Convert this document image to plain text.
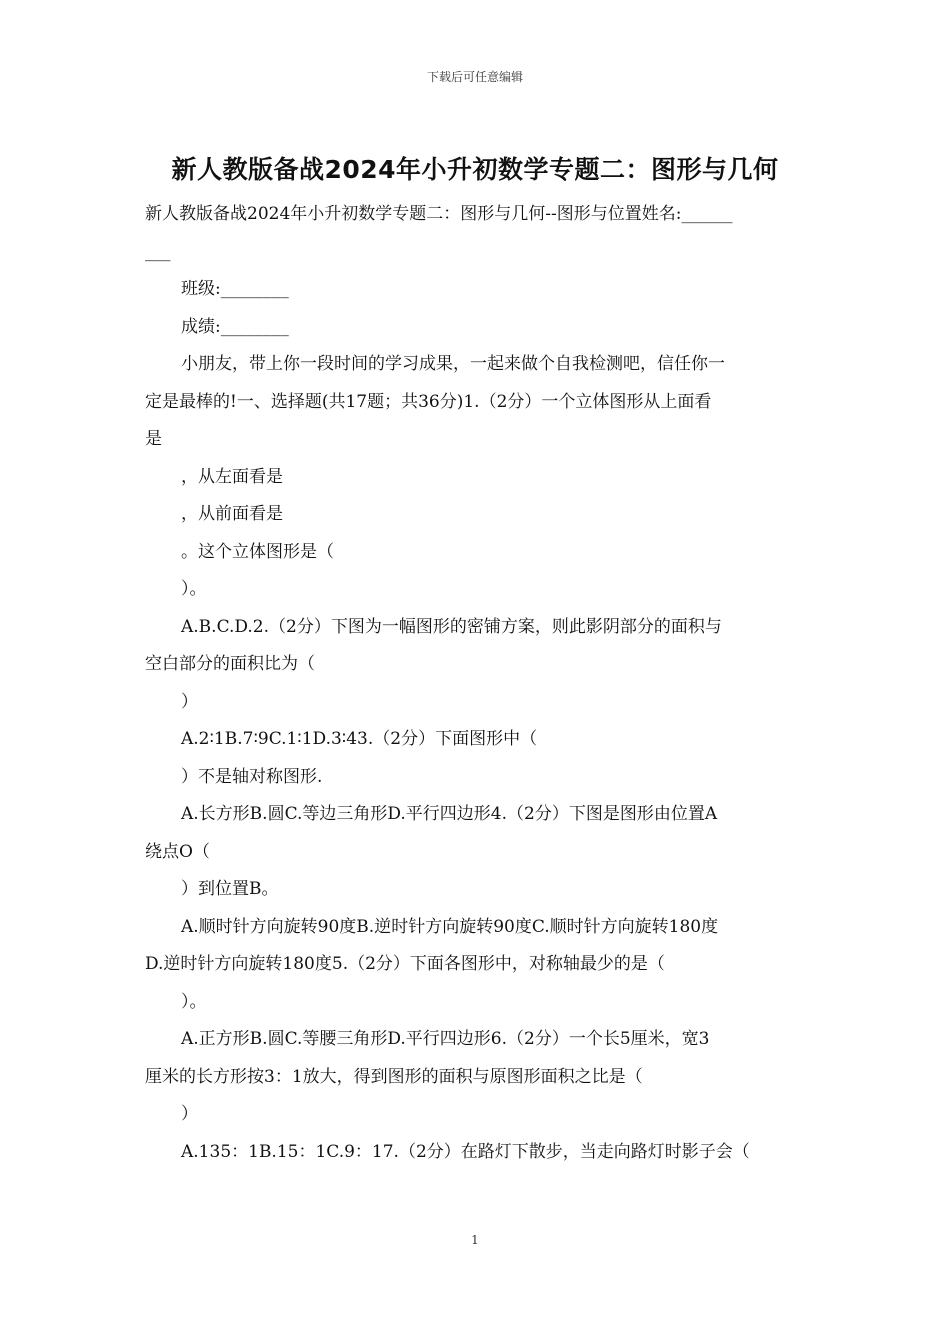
下载后可任意编辑
新人教版备战2024年小升初数学专题二：图形与几何
新人教版备战2024年小升初数学专题二：图形与几何--图形与位置姓名:______
___
班级:________
成绩:________
小朋友，带上你一段时间的学习成果，一起来做个自我检测吧，信任你一
定是最棒的!一、选择题(共17题；共36分)1.（2分）一个立体图形从上面看
是
，从左面看是
，从前面看是
。这个立体图形是（
）。
A.B.C.D.2.（2分）下图为一幅图形的密铺方案，则此影阴部分的面积与
空白部分的面积比为（
）
A.2∶1B.7∶9C.1∶1D.3∶43.（2分）下面图形中（
）不是轴对称图形.
A.长方形B.圆C.等边三角形D.平行四边形4.（2分）下图是图形由位置A
绕点O（
）到位置B。
A.顺时针方向旋转90度B.逆时针方向旋转90度C.顺时针方向旋转180度
D.逆时针方向旋转180度5.（2分）下面各图形中，对称轴最少的是（
）。
A.正方形B.圆C.等腰三角形D.平行四边形6.（2分）一个长5厘米，宽3
厘米的长方形按3：1放大，得到图形的面积与原图形面积之比是（
）
A.135：1B.15：1C.9：17.（2分）在路灯下散步，当走向路灯时影子会（
1
